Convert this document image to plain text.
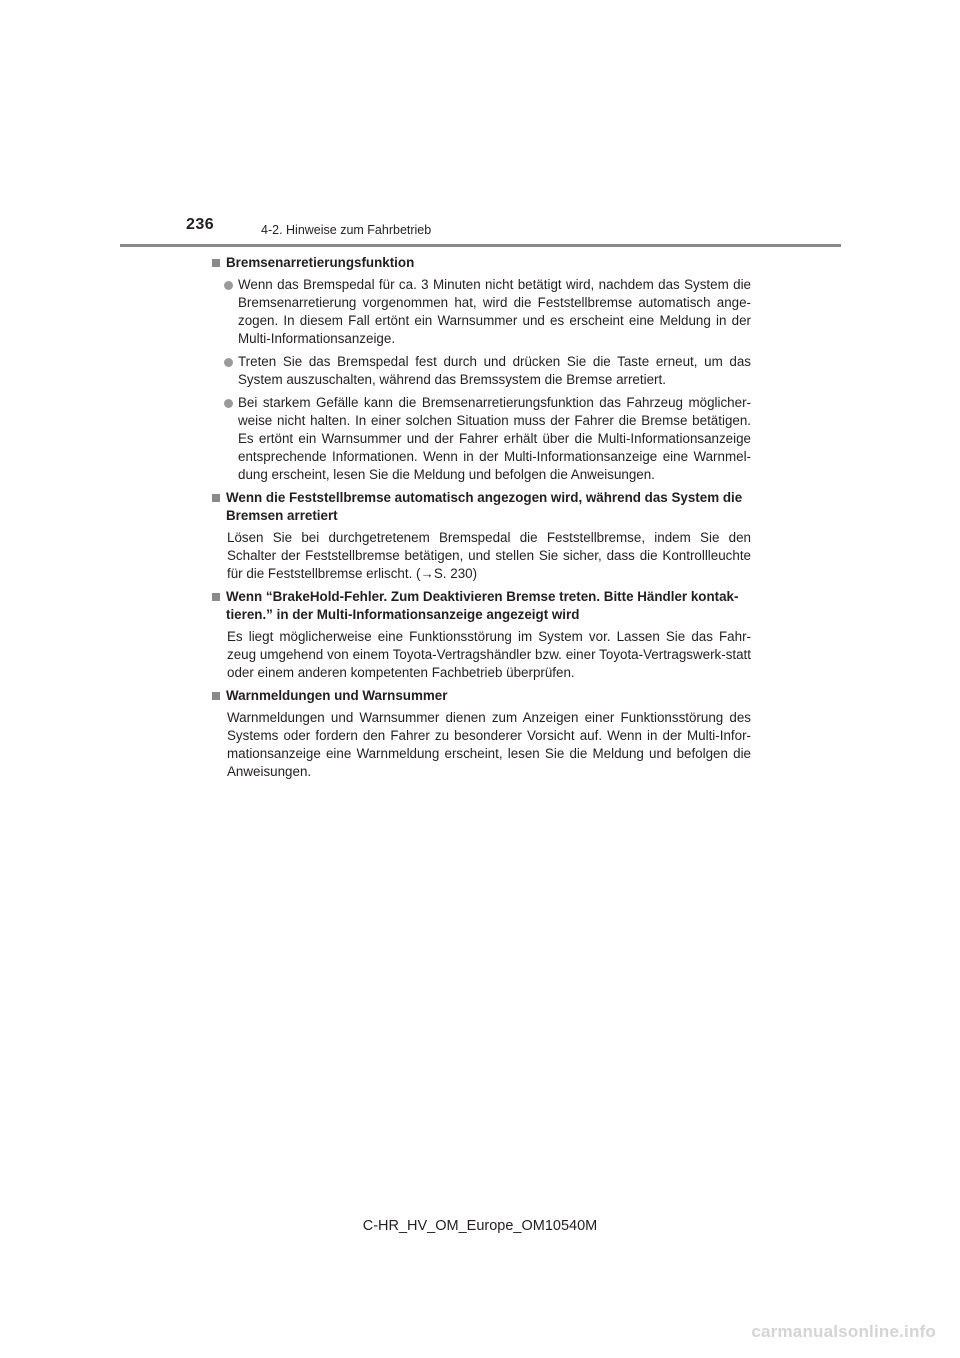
236	4-2. Hinweise zum Fahrbetrieb
Bremsenarretierungsfunktion
Wenn das Bremspedal für ca. 3 Minuten nicht betätigt wird, nachdem das System die Bremsenarretierung vorgenommen hat, wird die Feststellbremse automatisch ange-zogen. In diesem Fall ertönt ein Warnsummer und es erscheint eine Meldung in der Multi-Informationsanzeige.
Treten Sie das Bremspedal fest durch und drücken Sie die Taste erneut, um das System auszuschalten, während das Bremssystem die Bremse arretiert.
Bei starkem Gefälle kann die Bremsenarretierungsfunktion das Fahrzeug möglicher-weise nicht halten. In einer solchen Situation muss der Fahrer die Bremse betätigen. Es ertönt ein Warnsummer und der Fahrer erhält über die Multi-Informationsanzeige entsprechende Informationen. Wenn in der Multi-Informationsanzeige eine Warnmel-dung erscheint, lesen Sie die Meldung und befolgen die Anweisungen.
Wenn die Feststellbremse automatisch angezogen wird, während das System die Bremsen arretiert
Lösen Sie bei durchgetretenem Bremspedal die Feststellbremse, indem Sie den Schalter der Feststellbremse betätigen, und stellen Sie sicher, dass die Kontrollleuchte für die Feststellbremse erlischt. (→S. 230)
Wenn “BrakeHold-Fehler. Zum Deaktivieren Bremse treten. Bitte Händler kontak-tieren.” in der Multi-Informationsanzeige angezeigt wird
Es liegt möglicherweise eine Funktionsstörung im System vor. Lassen Sie das Fahr-zeug umgehend von einem Toyota-Vertragshändler bzw. einer Toyota-Vertragswerk-statt oder einem anderen kompetenten Fachbetrieb überprüfen.
Warnmeldungen und Warnsummer
Warnmeldungen und Warnsummer dienen zum Anzeigen einer Funktionsstörung des Systems oder fordern den Fahrer zu besonderer Vorsicht auf. Wenn in der Multi-Infor-mationsanzeige eine Warnmeldung erscheint, lesen Sie die Meldung und befolgen die Anweisungen.
C-HR_HV_OM_Europe_OM10540M
carmanualsonline.info
